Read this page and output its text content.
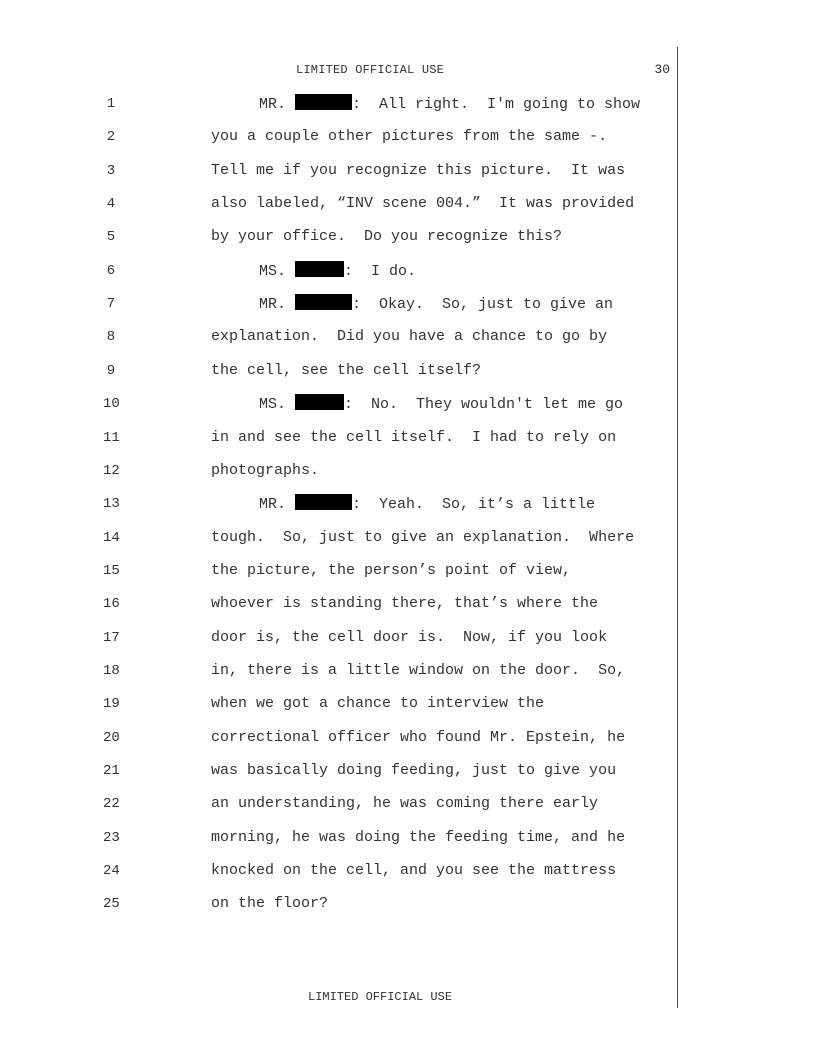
LIMITED OFFICIAL USE	30
1	MR.	:  All right.  I'm going to show
2	you a couple other pictures from the same -.
3	Tell me if you recognize this picture.  It was
4	also labeled, “INV scene 004.”  It was provided
5	by your office.  Do you recognize this?
6	MS.	:  I do.
7	MR.	:  Okay.  So, just to give an
8	explanation.  Did you have a chance to go by
9	the cell, see the cell itself?
10	MS.	:  No.  They wouldn't let me go
11	in and see the cell itself.  I had to rely on
12	photographs.
13	MR.	:  Yeah.  So, it’s a little
14	tough.  So, just to give an explanation.  Where
15	the picture, the person’s point of view,
16	whoever is standing there, that’s where the
17	door is, the cell door is.  Now, if you look
18	in, there is a little window on the door.  So,
19	when we got a chance to interview the
20	correctional officer who found Mr. Epstein, he
21	was basically doing feeding, just to give you
22	an understanding, he was coming there early
23	morning, he was doing the feeding time, and he
24	knocked on the cell, and you see the mattress
25	on the floor?
LIMITED OFFICIAL USE
